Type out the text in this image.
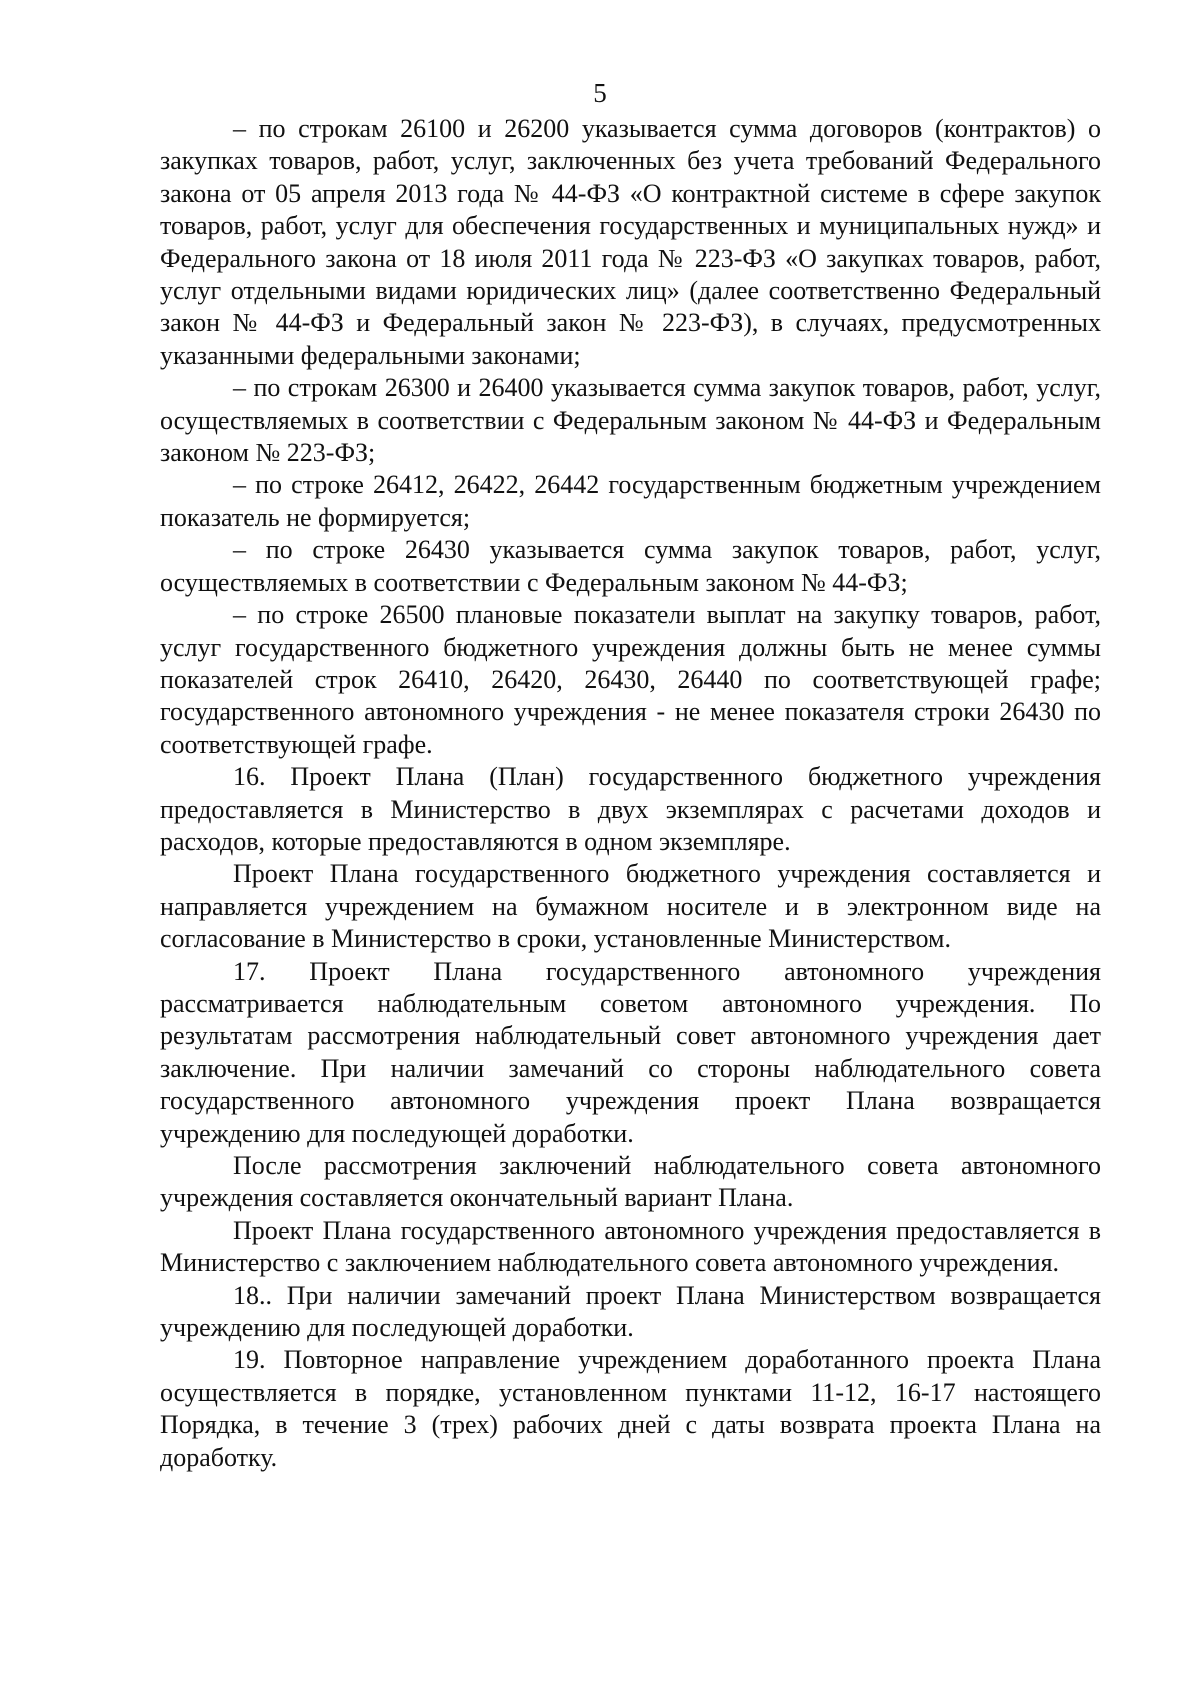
5

– по строкам 26100 и 26200 указывается сумма договоров (контрактов) о закупках товаров, работ, услуг, заключенных без учета требований Федерального закона от 05 апреля 2013 года № 44-ФЗ «О контрактной системе в сфере закупок товаров, работ, услуг для обеспечения государственных и муниципальных нужд» и Федерального закона от 18 июля 2011 года № 223-ФЗ «О закупках товаров, работ, услуг отдельными видами юридических лиц» (далее соответственно Федеральный закон № 44-ФЗ и Федеральный закон № 223-ФЗ), в случаях, предусмотренных указанными федеральными законами;

– по строкам 26300 и 26400 указывается сумма закупок товаров, работ, услуг, осуществляемых в соответствии с Федеральным законом № 44-ФЗ и Федеральным законом № 223-ФЗ;

– по строке 26412, 26422, 26442 государственным бюджетным учреждением показатель не формируется;

– по строке 26430 указывается сумма закупок товаров, работ, услуг, осуществляемых в соответствии с Федеральным законом № 44-ФЗ;

– по строке 26500 плановые показатели выплат на закупку товаров, работ, услуг государственного бюджетного учреждения должны быть не менее суммы показателей строк 26410, 26420, 26430, 26440 по соответствующей графе; государственного автономного учреждения - не менее показателя строки 26430 по соответствующей графе.

16. Проект Плана (План) государственного бюджетного учреждения предоставляется в Министерство в двух экземплярах с расчетами доходов и расходов, которые предоставляются в одном экземпляре.

Проект Плана государственного бюджетного учреждения составляется и направляется учреждением на бумажном носителе и в электронном виде на согласование в Министерство в сроки, установленные Министерством.

17. Проект Плана государственного автономного учреждения рассматривается наблюдательным советом автономного учреждения. По результатам рассмотрения наблюдательный совет автономного учреждения дает заключение. При наличии замечаний со стороны наблюдательного совета государственного автономного учреждения проект Плана возвращается учреждению для последующей доработки.

После рассмотрения заключений наблюдательного совета автономного учреждения составляется окончательный вариант Плана.

Проект Плана государственного автономного учреждения предоставляется в Министерство с заключением наблюдательного совета автономного учреждения.

18.. При наличии замечаний проект Плана Министерством возвращается учреждению для последующей доработки.

19. Повторное направление учреждением доработанного проекта Плана осуществляется в порядке, установленном пунктами 11-12, 16-17 настоящего Порядка, в течение 3 (трех) рабочих дней с даты возврата проекта Плана на доработку.
